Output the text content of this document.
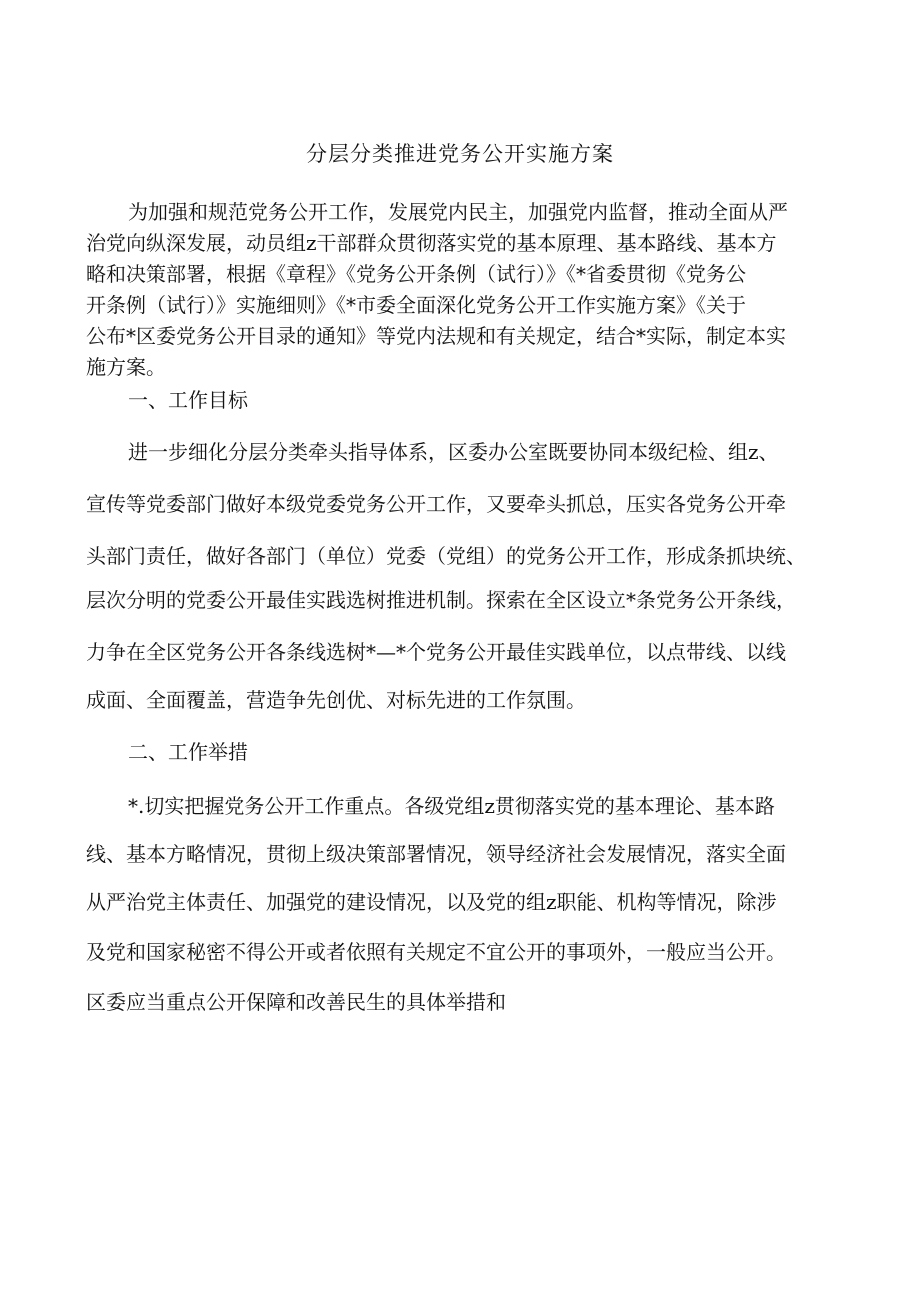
分层分类推进党务公开实施方案
为加强和规范党务公开工作，发展党内民主，加强党内监督，推动全面从严
治党向纵深发展，动员组z干部群众贯彻落实党的基本原理、基本路线、基本方
略和决策部署，根据《章程》《党务公开条例（试行）》《*省委贯彻《党务公
开条例（试行）》实施细则》《*市委全面深化党务公开工作实施方案》《关于
公布*区委党务公开目录的通知》等党内法规和有关规定，结合*实际，制定本实
施方案。
一、工作目标
进一步细化分层分类牵头指导体系，区委办公室既要协同本级纪检、组z、
宣传等党委部门做好本级党委党务公开工作，又要牵头抓总，压实各党务公开牵
头部门责任，做好各部门（单位）党委（党组）的党务公开工作，形成条抓块统、
层次分明的党委公开最佳实践选树推进机制。探索在全区设立*条党务公开条线，
力争在全区党务公开各条线选树*—*个党务公开最佳实践单位，以点带线、以线
成面、全面覆盖，营造争先创优、对标先进的工作氛围。
二、工作举措
*.切实把握党务公开工作重点。各级党组z贯彻落实党的基本理论、基本路
线、基本方略情况，贯彻上级决策部署情况，领导经济社会发展情况，落实全面
从严治党主体责任、加强党的建设情况，以及党的组z职能、机构等情况，除涉
及党和国家秘密不得公开或者依照有关规定不宜公开的事项外，一般应当公开。
区委应当重点公开保障和改善民生的具体举措和
